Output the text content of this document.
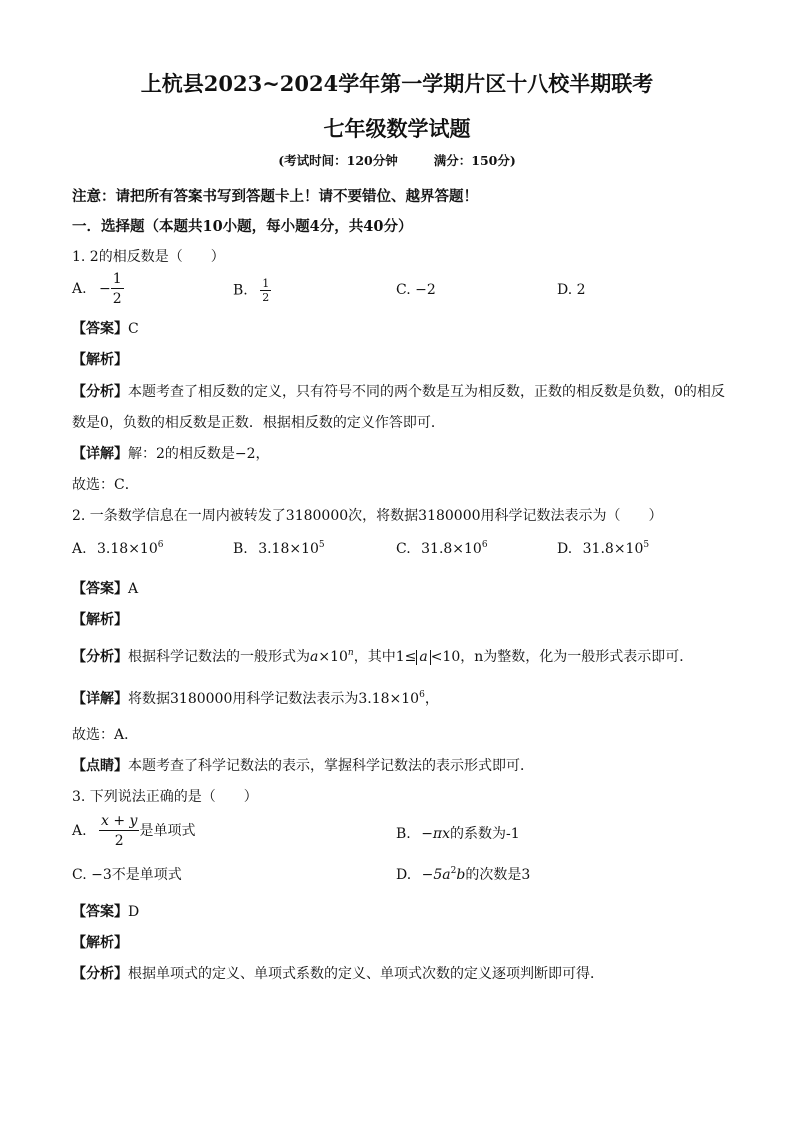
上杭县2023~2024学年第一学期片区十八校半期联考
七年级数学试题
(考试时间：120分钟	满分：150分)
注意：请把所有答案书写到答题卡上！请不要错位、越界答题！
一．选择题（本题共10小题，每小题4分，共40分）
1. 2的相反数是（　　）
A. − $\frac{1}{2}$	B. $\frac{1}{2}$	C. −2	D. 2
【答案】C
【解析】
【分析】本题考查了相反数的定义，只有符号不同的两个数是互为相反数，正数的相反数是负数，0的相反
数是0，负数的相反数是正数．根据相反数的定义作答即可．
【详解】解：2的相反数是−2，
故选：C．
2. 一条数学信息在一周内被转发了3180000次，将数据3180000用科学记数法表示为（　　）
A. $3.18\times 10^6$	B. $3.18\times 10^5$	C. $31.8\times 10^6$	D. $31.8\times 10^5$
【答案】A
【解析】
【分析】根据科学记数法的一般形式为$a\times 10^n$，其中1≤ a <10，n为整数，化为一般形式表示即可．
【详解】将数据3180000用科学记数法表示为$3.18\times 10^6$，
故选：A．
【点睛】本题考查了科学记数法的表示，掌握科学记数法的表示形式即可．
3. 下列说法正确的是（　　）
A. $\frac{x + y}{2}$ 是单项式	B. −πx的系数为-1
C. −3不是单项式	D. $-5a^2b$的次数是3
【答案】D
【解析】
【分析】根据单项式的定义、单项式系数的定义、单项式次数的定义逐项判断即可得．
